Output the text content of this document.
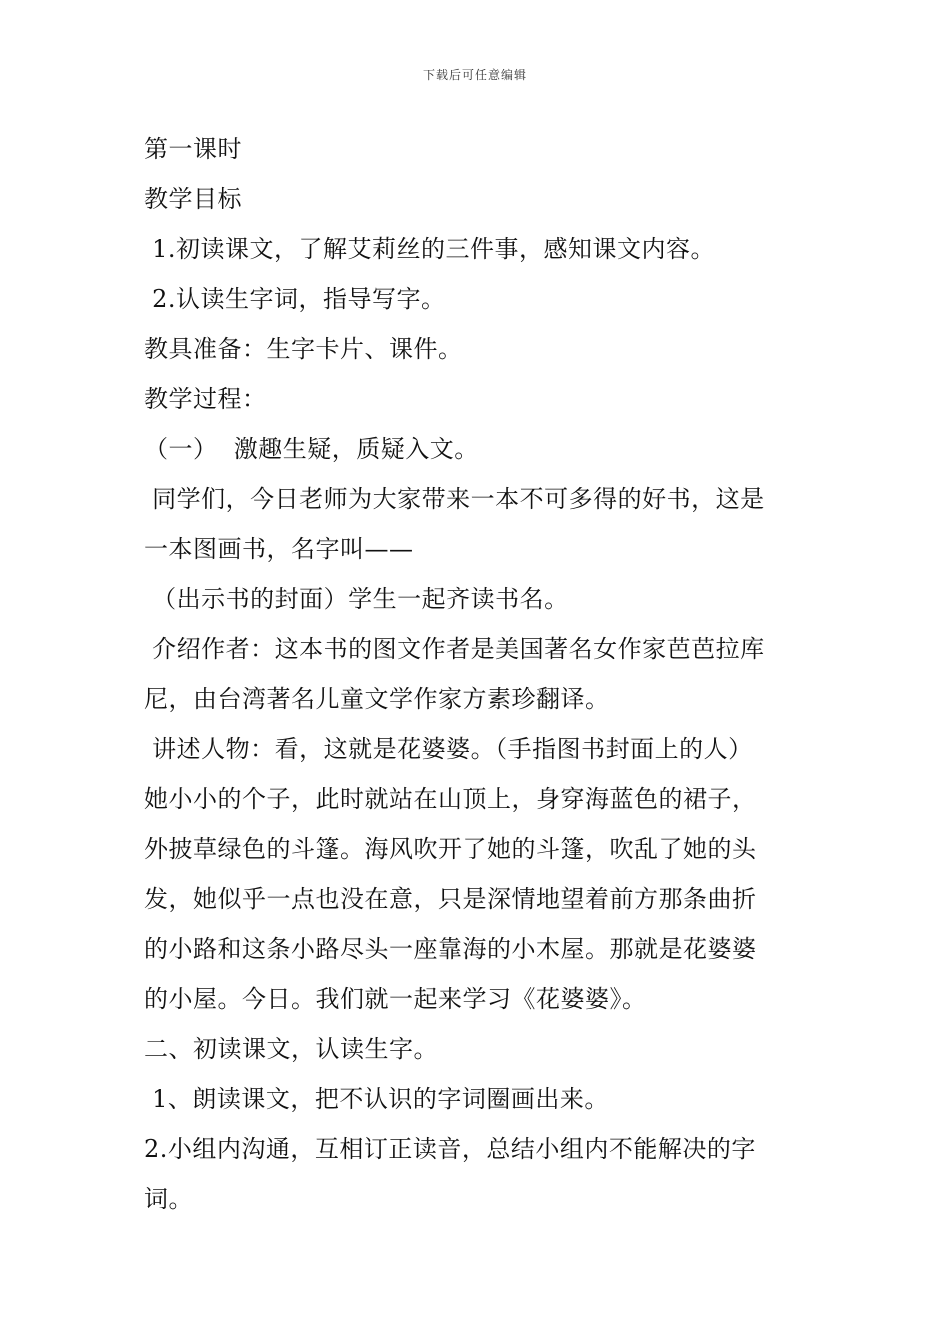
下载后可任意编辑
第一课时
教学目标
1.初读课文，了解艾莉丝的三件事，感知课文内容。
2.认读生字词，指导写字。
教具准备：生字卡片、课件。
教学过程：
（一）  激趣生疑，质疑入文。
同学们，今日老师为大家带来一本不可多得的好书，这是
一本图画书，名字叫——
（出示书的封面）学生一起齐读书名。
介绍作者：这本书的图文作者是美国著名女作家芭芭拉库
尼，由台湾著名儿童文学作家方素珍翻译。
讲述人物：看，这就是花婆婆。（手指图书封面上的人）
她小小的个子，此时就站在山顶上，身穿海蓝色的裙子，
外披草绿色的斗篷。海风吹开了她的斗篷，吹乱了她的头
发，她似乎一点也没在意，只是深情地望着前方那条曲折
的小路和这条小路尽头一座靠海的小木屋。那就是花婆婆
的小屋。今日。我们就一起来学习《花婆婆》。
二、初读课文，认读生字。
1、朗读课文，把不认识的字词圈画出来。
2.小组内沟通，互相订正读音，总结小组内不能解决的字
词。
